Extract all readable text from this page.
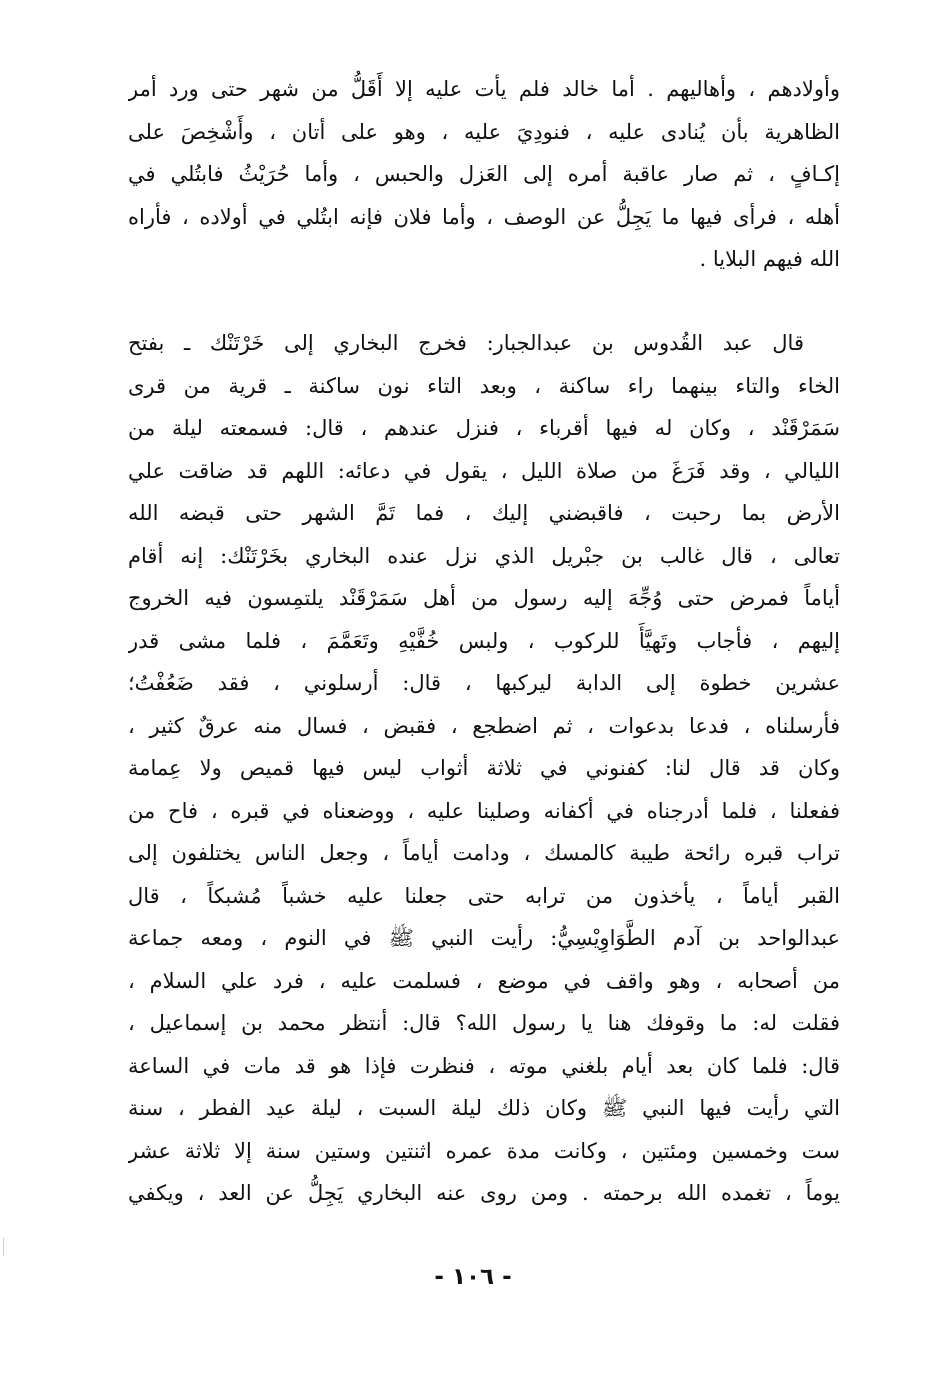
وأولادهم ، وأهاليهم . أما خالد فلم يأت عليه إلا أَقَلُّ من شهر حتى ورد أمر
الظاهرية بأن يُنادى عليه ، فنودِيَ عليه ، وهو على أتان ، وأَشْخِصَ على
إكـافٍ ، ثم صار عاقبة أمره إلى العَزل والحبس ، وأما حُرَيْثُ فابتُلي في
أهله ، فرأى فيها ما يَجِلُّ عن الوصف ، وأما فلان فإنه ابتُلي في أولاده ، فأراه
الله فيهم البلايا .
قال عبد القُدوس بن عبدالجبار: فخرج البخاري إلى خَرْتَنْك ـ بفتح
الخاء والتاء بينهما راء ساكنة ، وبعد التاء نون ساكنة ـ قرية من قرى
سَمَرْقَنْد ، وكان له فيها أقرباء ، فنزل عندهم ، قال: فسمعته ليلة من
الليالي ، وقد فَرَغَ من صلاة الليل ، يقول في دعائه: اللهم قد ضاقت علي
الأرض بما رحبت ، فاقبضني إليك ، فما تَمَّ الشهر حتى قبضه الله
تعالى ، قال غالب بن جبْريل الذي نزل عنده البخاري بخَرْتَنْك: إنه أقام
أياماً فمرض حتى وُجِّهَ إليه رسول من أهل سَمَرْقَنْد يلتمِسون فيه الخروج
إليهم ، فأجاب وتَهيَّأَ للركوب ، ولبس خُفَّيْهِ وتَعَمَّمَ ، فلما مشى قدر
عشرين خطوة إلى الدابة ليركبها ، قال: أرسلوني ، فقد ضَعُفْتُ؛
فأرسلناه ، فدعا بدعوات ، ثم اضطجع ، فقبض ، فسال منه عرقٌ كثير ،
وكان قد قال لنا: كفنوني في ثلاثة أثواب ليس فيها قميص ولا عِمامة
ففعلنا ، فلما أدرجناه في أكفانه وصلينا عليه ، ووضعناه في قبره ، فاح من
تراب قبره رائحة طيبة كالمسك ، ودامت أياماً ، وجعل الناس يختلفون إلى
القبر أياماً ، يأخذون من ترابه حتى جعلنا عليه خشباً مُشبكاً ، قال
عبدالواحد بن آدم الطَّوَاوِيْسِيُّ: رأيت النبي ﷺ في النوم ، ومعه جماعة
من أصحابه ، وهو واقف في موضع ، فسلمت عليه ، فرد علي السلام ،
فقلت له: ما وقوفك هنا يا رسول الله؟ قال: أنتظر محمد بن إسماعيل ،
قال: فلما كان بعد أيام بلغني موته ، فنظرت فإذا هو قد مات في الساعة
التي رأيت فيها النبي ﷺ وكان ذلك ليلة السبت ، ليلة عيد الفطر ، سنة
ست وخمسين ومئتين ، وكانت مدة عمره اثنتين وستين سنة إلا ثلاثة عشر
يوماً ، تغمده الله برحمته . ومن روى عنه البخاري يَجِلُّ عن العد ، ويكفي
- ١٠٦ -
